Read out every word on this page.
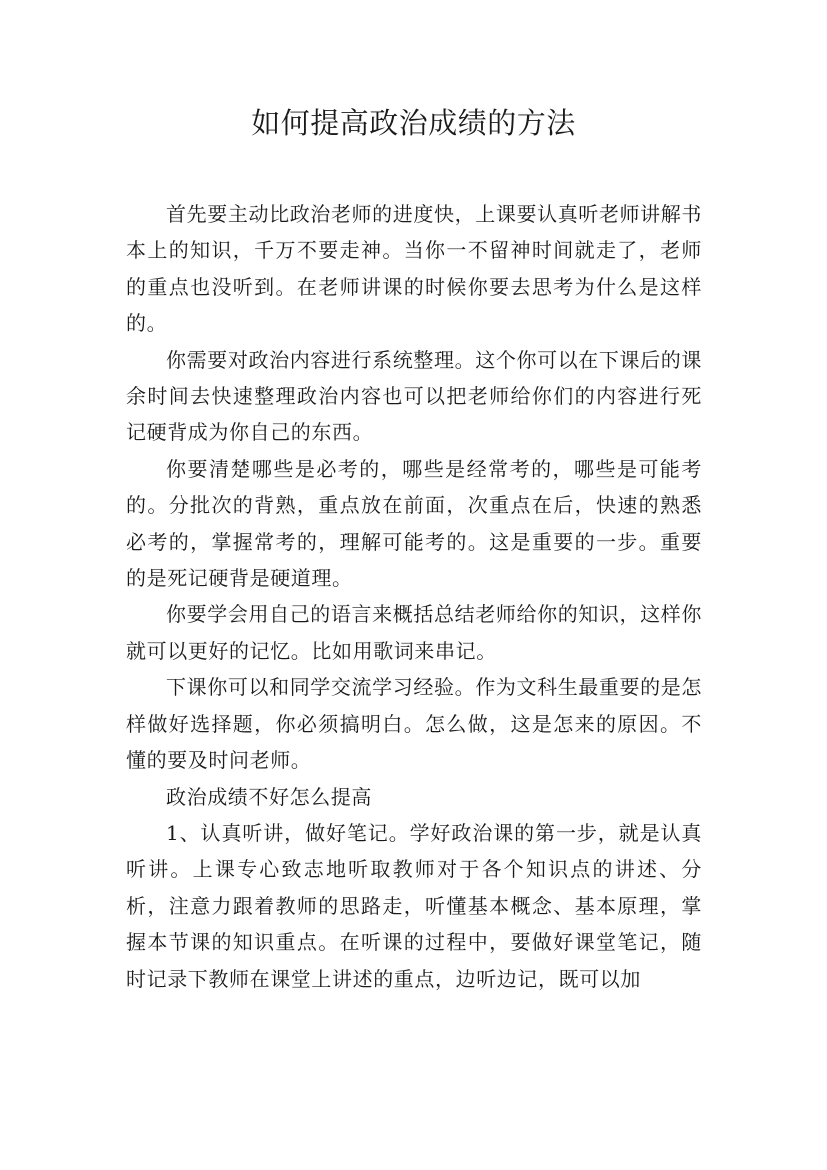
如何提高政治成绩的方法

首先要主动比政治老师的进度快，上课要认真听老师讲解书本上的知识，千万不要走神。当你一不留神时间就走了，老师的重点也没听到。在老师讲课的时候你要去思考为什么是这样的。

你需要对政治内容进行系统整理。这个你可以在下课后的课余时间去快速整理政治内容也可以把老师给你们的内容进行死记硬背成为你自己的东西。

你要清楚哪些是必考的，哪些是经常考的，哪些是可能考的。分批次的背熟，重点放在前面，次重点在后，快速的熟悉必考的，掌握常考的，理解可能考的。这是重要的一步。重要的是死记硬背是硬道理。

你要学会用自己的语言来概括总结老师给你的知识，这样你就可以更好的记忆。比如用歌词来串记。

下课你可以和同学交流学习经验。作为文科生最重要的是怎样做好选择题，你必须搞明白。怎么做，这是怎来的原因。不懂的要及时问老师。

政治成绩不好怎么提高

1、认真听讲，做好笔记。学好政治课的第一步，就是认真听讲。上课专心致志地听取教师对于各个知识点的讲述、分析，注意力跟着教师的思路走，听懂基本概念、基本原理，掌握本节课的知识重点。在听课的过程中，要做好课堂笔记，随时记录下教师在课堂上讲述的重点，边听边记，既可以加
